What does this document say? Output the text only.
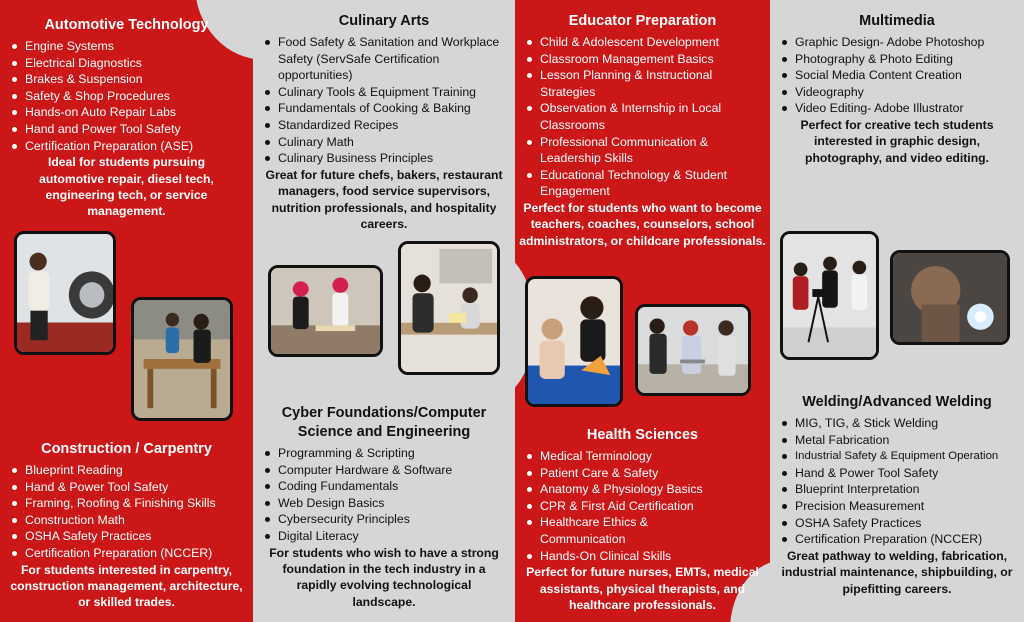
Automotive Technology
Engine Systems
Electrical Diagnostics
Brakes & Suspension
Safety & Shop Procedures
Hands-on Auto Repair Labs
Hand and Power Tool Safety
Certification Preparation (ASE)
Ideal for students pursuing automotive repair, diesel tech, engineering tech, or service management.
Construction / Carpentry
Blueprint Reading
Hand & Power Tool Safety
Framing, Roofing & Finishing Skills
Construction Math
OSHA Safety Practices
Certification Preparation (NCCER)
For students interested in carpentry, construction management, architecture, or skilled trades.
Culinary Arts
Food Safety & Sanitation and Workplace Safety (ServSafe Certification opportunities)
Culinary Tools & Equipment Training
Fundamentals of Cooking & Baking
Standardized Recipes
Culinary Math
Culinary Business Principles
Great for future chefs, bakers, restaurant managers, food service supervisors, nutrition professionals, and hospitality careers.
Cyber Foundations/Computer Science and Engineering
Programming & Scripting
Computer Hardware & Software
Coding Fundamentals
Web Design Basics
Cybersecurity Principles
Digital Literacy
For students who wish to have a strong foundation in the tech industry in a rapidly evolving technological landscape.
Educator Preparation
Child & Adolescent Development
Classroom Management Basics
Lesson Planning & Instructional Strategies
Observation & Internship in Local Classrooms
Professional Communication & Leadership Skills
Educational Technology & Student Engagement
Perfect for students who want to become teachers, coaches, counselors, school administrators, or childcare professionals.
Health Sciences
Medical Terminology
Patient Care & Safety
Anatomy & Physiology Basics
CPR & First Aid Certification
Healthcare Ethics & Communication
Hands-On Clinical Skills
Perfect for future nurses, EMTs, medical assistants, physical therapists, and healthcare professionals.
Multimedia
Graphic Design- Adobe Photoshop
Photography & Photo Editing
Social Media Content Creation
Videography
Video Editing- Adobe Illustrator
Perfect for creative tech students interested in graphic design, photography, and video editing.
Welding/Advanced Welding
MIG, TIG, & Stick Welding
Metal Fabrication
Industrial Safety & Equipment Operation
Hand & Power Tool Safety
Blueprint Interpretation
Precision Measurement
OSHA Safety Practices
Certification Preparation (NCCER)
Great pathway to welding, fabrication, industrial maintenance, shipbuilding, or pipefitting careers.
